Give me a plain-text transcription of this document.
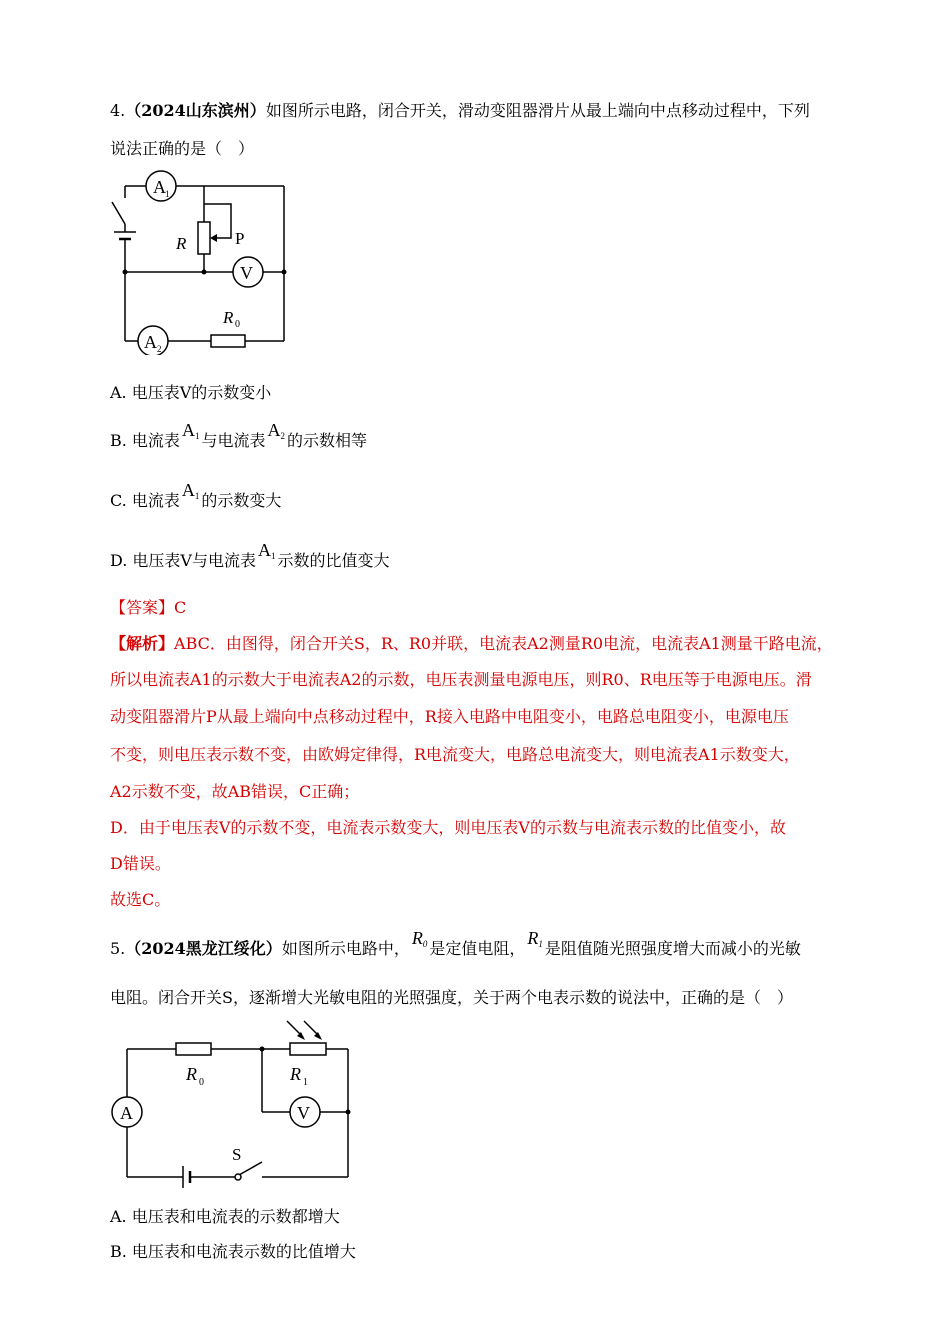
4.（2024山东滨州）如图所示电路，闭合开关，滑动变阻器滑片从最上端向中点移动过程中，下列
说法正确的是（　）
A 1
V
A 2
R	P
R 0
A. 电压表V的示数变小
B. 电流表$A_1$ 与电流表$A_2$ 的示数相等
C. 电流表$A_1$ 的示数变大
D. 电压表V与电流表$A_1$ 示数的比值变大
【答案】C
【解析】ABC．由图得，闭合开关S，R、R0并联，电流表A2测量R0电流，电流表A1测量干路电流，
所以电流表A1的示数大于电流表A2的示数，电压表测量电源电压，则R0、R电压等于电源电压。滑
动变阻器滑片P从最上端向中点移动过程中，R接入电路中电阻变小，电路总电阻变小，电源电压
不变，则电压表示数不变，由欧姆定律得，R电流变大，电路总电流变大，则电流表A1示数变大，
A2示数不变，故AB错误，C正确；
D．由于电压表V的示数不变，电流表示数变大，则电压表V的示数与电流表示数的比值变小，故
D错误。
故选C。
5.（2024黑龙江绥化）如图所示电路中，$R_0$ 是定值电阻，$R_1$ 是阻值随光照强度增大而减小的光敏
电阻。闭合开关S，逐渐增大光敏电阻的光照强度，关于两个电表示数的说法中，正确的是（　）
A	V
R 0	R 1
S
A. 电压表和电流表的示数都增大
B. 电压表和电流表示数的比值增大
